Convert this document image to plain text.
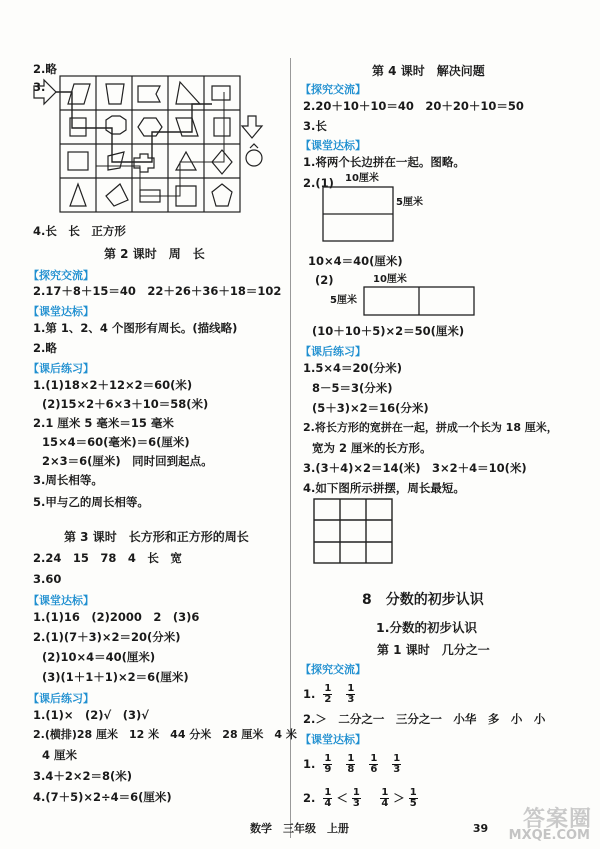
2.略
3.
4.长　长　正方形
第 2 课时　周　长
【探究交流】
2.17＋8＋15＝40　22＋26＋36＋18＝102
【课堂达标】
1.第 1、2、4 个图形有周长。(描线略)
2.略
【课后练习】
1.(1)18×2＋12×2＝60(米)
(2)15×2＋6×3＋10＝58(米)
2.1 厘米 5 毫米＝15 毫米
15×4＝60(毫米)＝6(厘米)
2×3＝6(厘米)　同时回到起点。
3.周长相等。
5.甲与乙的周长相等。
第 3 课时　长方形和正方形的周长
2.24　15　78　4　长　宽
3.60
【课堂达标】
1.(1)16　(2)2000　2　(3)6
2.(1)(7＋3)×2＝20(分米)
(2)10×4＝40(厘米)
(3)(1＋1＋1)×2＝6(厘米)
【课后练习】
1.(1)×　(2)√　(3)√
2.(横排)28 厘米　12 米　44 分米　28 厘米　4 米
4 厘米
3.4＋2×2＝8(米)
4.(7＋5)×2÷4＝6(厘米)
第 4 课时　解决问题
【探究交流】
2.20＋10＋10＝40　20＋20＋10＝50
3.长
【课堂达标】
1.将两个长边拼在一起。图略。
2.(1) 10厘米
5厘米
10×4＝40(厘米)
(2)	10厘米
5厘米
(10＋10＋5)×2＝50(厘米)
【课后练习】
1.5×4＝20(分米)
8－5＝3(分米)
(5＋3)×2＝16(分米)
2.将长方形的宽拼在一起，拼成一个长为 18 厘米，
宽为 2 厘米的长方形。
3.(3＋4)×2＝14(米)　3×2＋4＝10(米)
4.如下图所示拼摆，周长最短。
8　分数的初步认识
1.分数的初步认识
第 1 课时　几分之一
【探究交流】
1. $\frac{1}{2} \frac{1}{3}$
2.＞　二分之一　三分之一　小华　多　小　小
【课堂达标】
1. $\frac{1}{9} \frac{1}{8} \frac{1}{6} \frac{1}{3}$
2. $\frac{1}{4} < \frac{1}{3}$
　 $\frac{1}{4} > \frac{1}{5}$
数学　三年级　上册	39 答案圈
MXQE.COM
